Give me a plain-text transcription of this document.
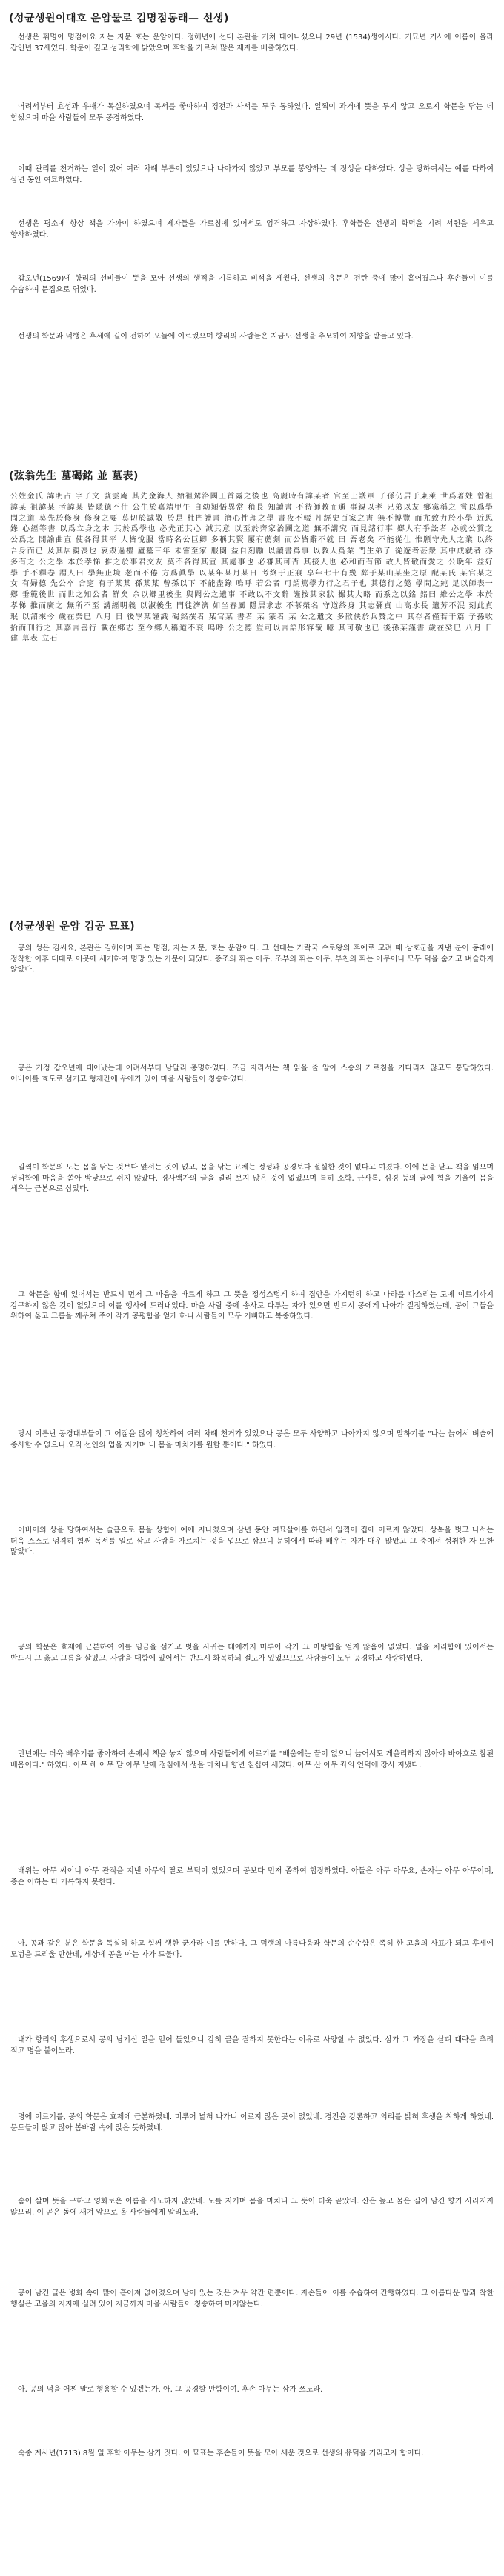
(성균생원이대호 운암물로 김명점동래— 선생)

선생은 휘명이 명점이요 자는 자문 호는 운암이다. 정해년에 선대 본관을 거쳐 태어나셨으니 29년 (1534)생이시다. 기묘년 기사에 이름이 올라 갑인년 37세였다. 학문이 깊고 성리학에 밝았으며 후학을 가르쳐 많은 제자를 배출하였다.

어려서부터 효성과 우애가 독실하였으며 독서를 좋아하여 경전과 사서를 두루 통하였다. 일찍이 과거에 뜻을 두지 않고 오로지 학문을 닦는 데 힘썼으며 마을 사람들이 모두 공경하였다.

이때 관리를 천거하는 일이 있어 여러 차례 부름이 있었으나 나아가지 않았고 부모를 봉양하는 데 정성을 다하였다. 상을 당하여서는 예를 다하여 삼년 동안 여묘하였다.

선생은 평소에 항상 책을 가까이 하였으며 제자들을 가르침에 있어서도 엄격하고 자상하였다. 후학들은 선생의 학덕을 기려 서원을 세우고 향사하였다.

갑오년(1569)에 향리의 선비들이 뜻을 모아 선생의 행적을 기록하고 비석을 세웠다. 선생의 유문은 전란 중에 많이 흩어졌으나 후손들이 이를 수습하여 문집으로 엮었다.

선생의 학문과 덕행은 후세에 길이 전하여 오늘에 이르렀으며 향리의 사람들은 지금도 선생을 추모하여 제향을 받들고 있다.

(弦翁先生 墓碣銘 並 墓表)

公姓金氏 諱明占 字子文 號雲庵 其先金海人 始祖駕洛國王首露之後也 高麗時有諱某者 官至上護軍 子孫仍居于東萊 世爲著姓 曾祖諱某 祖諱某 考諱某 皆隱德不仕 公生於嘉靖甲午 自幼穎悟異常 稍長 知讀書 不待師教而通 事親以孝 兄弟以友 鄕黨稱之 嘗以爲學問之道 莫先於修身 修身之要 莫切於誠敬 於是 杜門讀書 潛心性理之學 晝夜不輟 凡經史百家之書 無不博覽 而尤致力於小學 近思錄 心經等書 以爲立身之本 其於爲學也 必先正其心 誠其意 以至於齊家治國之道 無不講究 而見諸行事 鄕人有爭訟者 必就公質之 公爲之 開諭曲直 使各得其平 人皆悅服 當時名公巨卿 多稱其賢 屢有薦剡 而公皆辭不就 曰 吾老矣 不能從仕 惟願守先人之業 以終吾身而已 及其居親喪也 哀毁過禮 廬墓三年 未嘗至家 服闋 益自刻勵 以讀書爲事 以敎人爲業 門生弟子 從遊者甚衆 其中成就者 亦多有之 公之學 本於孝悌 推之於事君交友 莫不各得其宜 其處事也 必審其可否 其接人也 必和而有節 故人皆敬而愛之 公晩年 益好學 手不釋卷 謂人曰 學無止境 老而不倦 方爲眞學 以某年某月某日 考終于正寢 享年七十有幾 葬于某山某坐之原 配某氏 某官某之女 有婦德 先公卒 合窆 有子某某 孫某某 曾孫以下 不能盡錄 嗚呼 若公者 可謂篤學力行之君子也 其德行之懿 學問之純 足以師表一鄕 垂範後世 而世之知公者 鮮矣 余以鄕里後生 與聞公之遺事 不敢以不文辭 謹按其家狀 撮其大略 而系之以銘 銘曰 維公之學 本於孝悌 推而廣之 無所不至 講經明義 以淑後生 門徒濟濟 如坐春風 隱居求志 不慕榮名 守道終身 其志彌貞 山高水長 遺芳不泯 刻此貞珉 以詔來今 歲在癸巳 八月 日 後學某謹識 碣銘撰者 某官某 書者 某 篆者 某 公之遺文 多散佚於兵燹之中 其存者僅若干篇 子孫收拾而刊行之 其嘉言善行 載在鄕志 至今鄕人稱道不衰 嗚呼 公之德 豈可以言語形容哉 噫 其可敬也已 後孫某謹書 歲在癸巳 八月 日 建 墓表 立石

(성균생원 운암 김공 묘표)

공의 성은 김씨요, 본관은 김해이며 휘는 명점, 자는 자문, 호는 운암이다. 그 선대는 가락국 수로왕의 후예로 고려 때 상호군을 지낸 분이 동래에 정착한 이후 대대로 이곳에 세거하여 명망 있는 가문이 되었다. 증조의 휘는 아무, 조부의 휘는 아무, 부친의 휘는 아무이니 모두 덕을 숨기고 벼슬하지 않았다.

공은 가정 갑오년에 태어났는데 어려서부터 남달리 총명하였다. 조금 자라서는 책 읽을 줄 알아 스승의 가르침을 기다리지 않고도 통달하였다. 어버이를 효도로 섬기고 형제간에 우애가 있어 마을 사람들이 칭송하였다.

일찍이 학문의 도는 몸을 닦는 것보다 앞서는 것이 없고, 몸을 닦는 요체는 정성과 공경보다 절실한 것이 없다고 여겼다. 이에 문을 닫고 책을 읽으며 성리학에 마음을 쏟아 밤낮으로 쉬지 않았다. 경사백가의 글을 널리 보지 않은 것이 없었으며 특히 소학, 근사록, 심경 등의 글에 힘을 기울여 몸을 세우는 근본으로 삼았다.

그 학문을 함에 있어서는 반드시 먼저 그 마음을 바르게 하고 그 뜻을 정성스럽게 하여 집안을 가지런히 하고 나라를 다스리는 도에 이르기까지 강구하지 않은 것이 없었으며 이를 행사에 드러내었다. 마을 사람 중에 송사로 다투는 자가 있으면 반드시 공에게 나아가 질정하였는데, 공이 그들을 위하여 옳고 그름을 깨우쳐 주어 각기 공평함을 얻게 하니 사람들이 모두 기뻐하고 복종하였다.

당시 이름난 공경대부들이 그 어짊을 많이 칭찬하여 여러 차례 천거가 있었으나 공은 모두 사양하고 나아가지 않으며 말하기를 "나는 늙어서 벼슬에 종사할 수 없으니 오직 선인의 업을 지키며 내 몸을 마치기를 원할 뿐이다." 하였다.

어버이의 상을 당하여서는 슬픔으로 몸을 상함이 예에 지나쳤으며 삼년 동안 여묘살이를 하면서 일찍이 집에 이르지 않았다. 상복을 벗고 나서는 더욱 스스로 엄격히 힘써 독서를 일로 삼고 사람을 가르치는 것을 업으로 삼으니 문하에서 따라 배우는 자가 매우 많았고 그 중에서 성취한 자 또한 많았다.

공의 학문은 효제에 근본하여 이를 임금을 섬기고 벗을 사귀는 데에까지 미루어 각기 그 마땅함을 얻지 않음이 없었다. 일을 처리함에 있어서는 반드시 그 옳고 그름을 살폈고, 사람을 대함에 있어서는 반드시 화목하되 절도가 있었으므로 사람들이 모두 공경하고 사랑하였다.

만년에는 더욱 배우기를 좋아하여 손에서 책을 놓지 않으며 사람들에게 이르기를 "배움에는 끝이 없으니 늙어서도 게을리하지 않아야 바야흐로 참된 배움이다." 하였다. 아무 해 아무 달 아무 날에 정침에서 생을 마치니 향년 칠십여 세였다. 아무 산 아무 좌의 언덕에 장사 지냈다.

배위는 아무 씨이니 아무 관직을 지낸 아무의 딸로 부덕이 있었으며 공보다 먼저 졸하여 합장하였다. 아들은 아무 아무요, 손자는 아무 아무이며, 증손 이하는 다 기록하지 못한다.

아, 공과 같은 분은 학문을 독실히 하고 힘써 행한 군자라 이를 만하다. 그 덕행의 아름다움과 학문의 순수함은 족히 한 고을의 사표가 되고 후세에 모범을 드리울 만한데, 세상에 공을 아는 자가 드물다.

내가 향리의 후생으로서 공의 남기신 일을 얻어 들었으니 감히 글을 잘하지 못한다는 이유로 사양할 수 없었다. 삼가 그 가장을 살펴 대략을 추려 적고 명을 붙이노라.

명에 이르기를, 공의 학문은 효제에 근본하였네. 미루어 넓혀 나가니 이르지 않은 곳이 없었네. 경전을 강론하고 의리를 밝혀 후생을 착하게 하였네. 문도들이 많고 많아 봄바람 속에 앉은 듯하였네.

숨어 살며 뜻을 구하고 영화로운 이름을 사모하지 않았네. 도를 지키며 몸을 마치니 그 뜻이 더욱 곧았네. 산은 높고 물은 길어 남긴 향기 사라지지 않으리. 이 곧은 돌에 새겨 앞으로 올 사람들에게 알리노라.

공이 남긴 글은 병화 속에 많이 흩어져 없어졌으며 남아 있는 것은 겨우 약간 편뿐이다. 자손들이 이를 수습하여 간행하였다. 그 아름다운 말과 착한 행실은 고을의 지지에 실려 있어 지금까지 마을 사람들이 칭송하여 마지않는다.

아, 공의 덕을 어찌 말로 형용할 수 있겠는가. 아, 그 공경할 만함이여. 후손 아무는 삼가 쓰노라.

숙종 계사년(1713) 8월 일 후학 아무는 삼가 짓다. 이 묘표는 후손들이 뜻을 모아 세운 것으로 선생의 유덕을 기리고자 함이다.
